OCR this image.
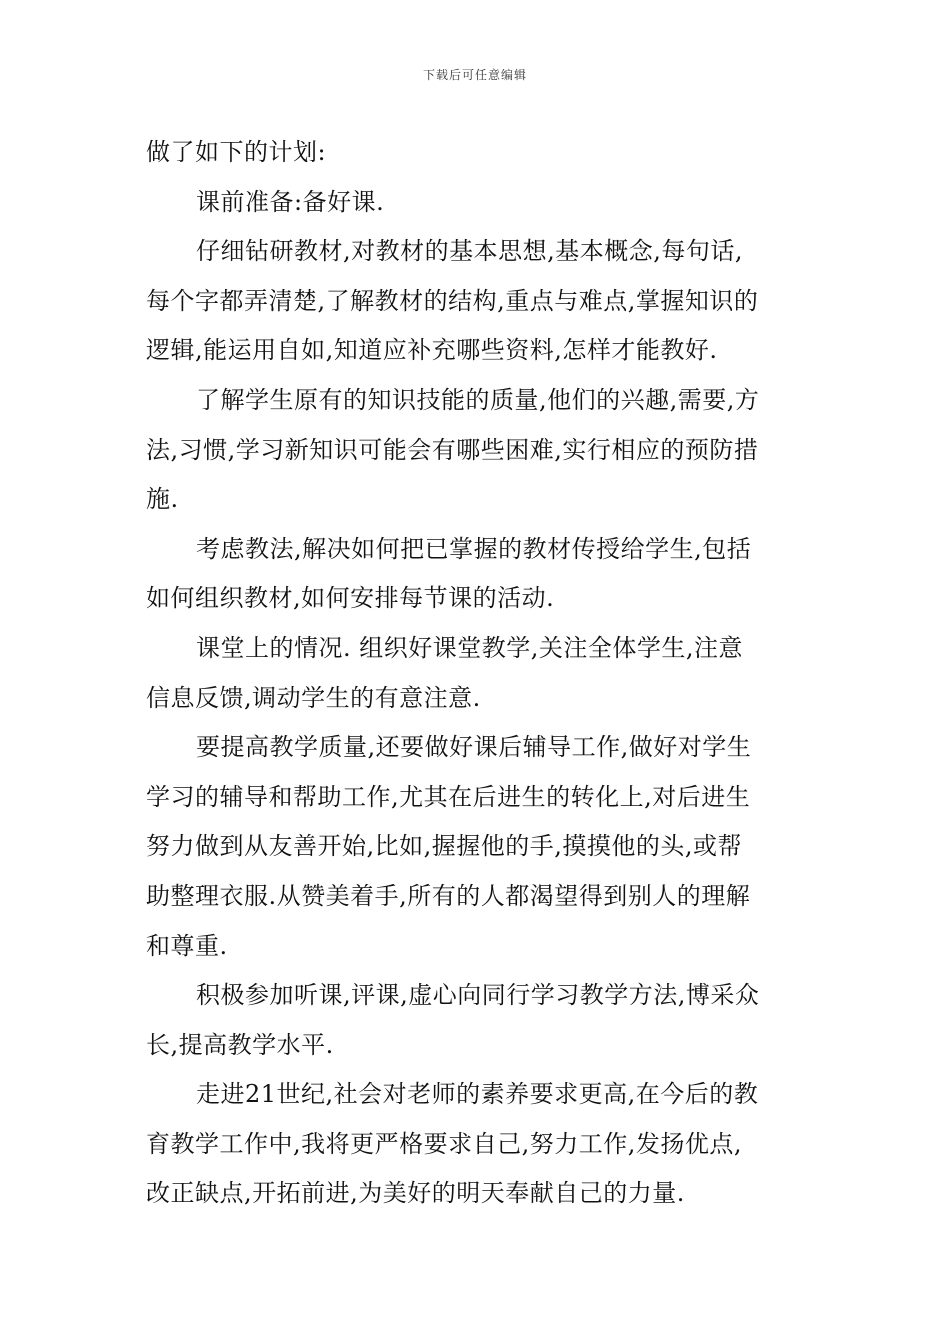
下载后可任意编辑
做了如下的计划:
课前准备:备好课.
仔细钻研教材,对教材的基本思想,基本概念,每句话,
每个字都弄清楚,了解教材的结构,重点与难点,掌握知识的
逻辑,能运用自如,知道应补充哪些资料,怎样才能教好.
了解学生原有的知识技能的质量,他们的兴趣,需要,方
法,习惯,学习新知识可能会有哪些困难,实行相应的预防措
施.
考虑教法,解决如何把已掌握的教材传授给学生,包括
如何组织教材,如何安排每节课的活动.
课堂上的情况. 组织好课堂教学,关注全体学生,注意
信息反馈,调动学生的有意注意.
要提高教学质量,还要做好课后辅导工作,做好对学生
学习的辅导和帮助工作,尤其在后进生的转化上,对后进生
努力做到从友善开始,比如,握握他的手,摸摸他的头,或帮
助整理衣服.从赞美着手,所有的人都渴望得到别人的理解
和尊重.
积极参加听课,评课,虚心向同行学习教学方法,博采众
长,提高教学水平.
走进21世纪,社会对老师的素养要求更高,在今后的教
育教学工作中,我将更严格要求自己,努力工作,发扬优点,
改正缺点,开拓前进,为美好的明天奉献自己的力量.
